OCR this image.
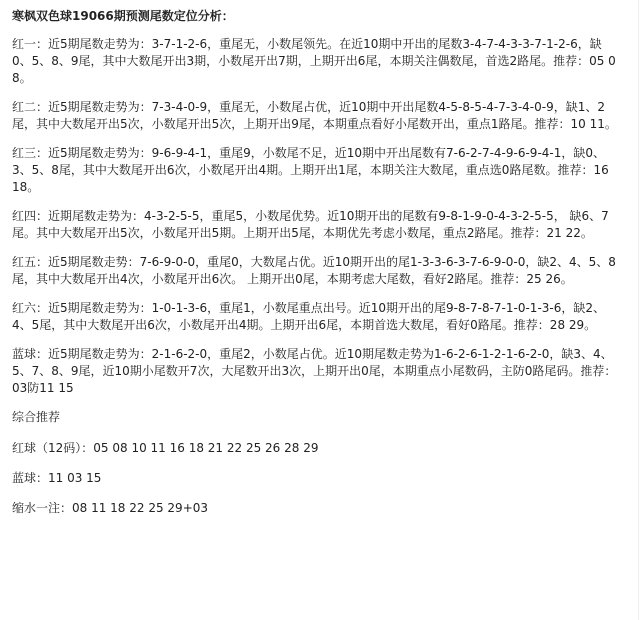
寒枫双色球19066期预测尾数定位分析：
红一：近5期尾数走势为：3-7-1-2-6，重尾无，小数尾领先。在近10期中开出的尾数3-4-7-4-3-3-7-1-2-6，缺0、5、8、9尾，其中大数尾开出3期，小数尾开出7期，上期开出6尾，本期关注偶数尾，首选2路尾。推荐：05 08。
红二：近5期尾数走势为：7-3-4-0-9，重尾无，小数尾占优，近10期中开出尾数4-5-8-5-4-7-3-4-0-9，缺1、2尾，其中大数尾开出5次，小数尾开出5次，上期开出9尾，本期重点看好小尾数开出，重点1路尾。推荐：10 11。
红三：近5期尾数走势为：9-6-9-4-1，重尾9，小数尾不足，近10期中开出尾数有7-6-2-7-4-9-6-9-4-1，缺0、3、5、8尾，其中大数尾开出6次，小数尾开出4期。上期开出1尾，本期关注大数尾，重点选0路尾数。推荐：16 18。
红四：近期尾数走势为：4-3-2-5-5，重尾5，小数尾优势。近10期开出的尾数有9-8-1-9-0-4-3-2-5-5， 缺6、7尾。其中大数尾开出5次，小数尾开出5期。上期开出5尾，本期优先考虑小数尾，重点2路尾。推荐：21 22。
红五：近5期尾数走势：7-6-9-0-0，重尾0，大数尾占优。近10期开出的尾1-3-3-6-3-7-6-9-0-0，缺2、4、5、8尾，其中大数尾开出4次，小数尾开出6次。 上期开出0尾，本期考虑大尾数，看好2路尾。推荐：25 26。
红六：近5期尾数走势为：1-0-1-3-6，重尾1，小数尾重点出号。近10期开出的尾9-8-7-8-7-1-0-1-3-6，缺2、4、5尾，其中大数尾开出6次，小数尾开出4期。上期开出6尾，本期首选大数尾，看好0路尾。推荐：28 29。
蓝球：近5期尾数走势为：2-1-6-2-0，重尾2，小数尾占优。近10期尾数走势为1-6-2-6-1-2-1-6-2-0，缺3、4、5、7、8、9尾，近10期小尾数开7次，大尾数开出3次，上期开出0尾，本期重点小尾数码，主防0路尾码。推荐：03防11 15
综合推荐
红球（12码）：05 08 10 11 16 18 21 22 25 26 28 29
蓝球：11 03 15
缩水一注：08 11 18 22 25 29+03
